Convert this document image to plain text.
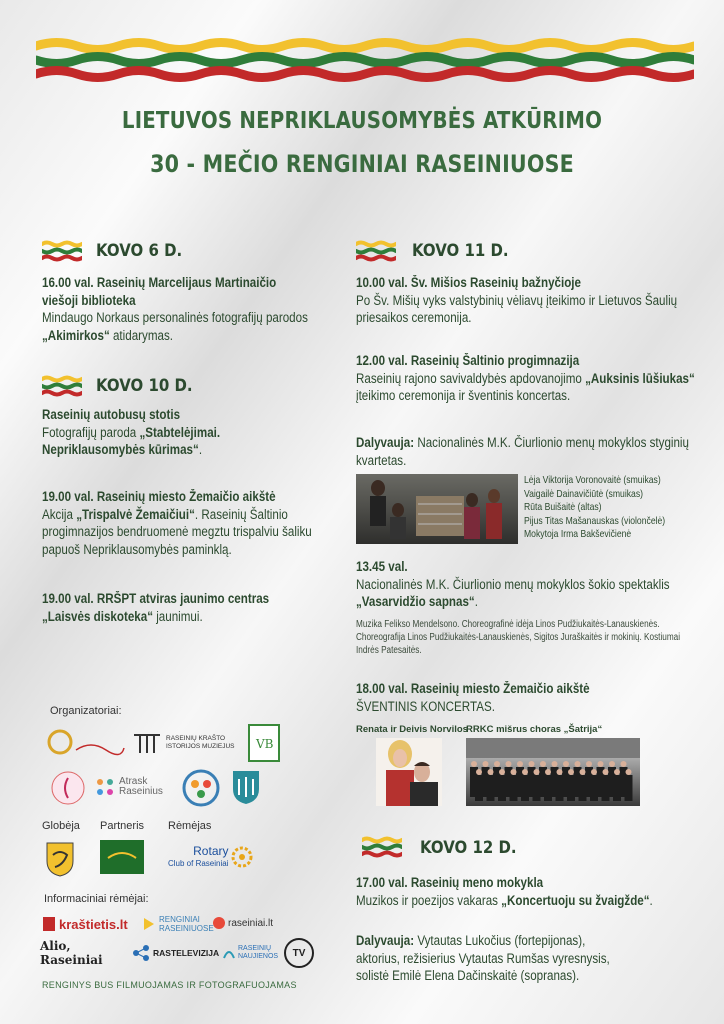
LIETUVOS NEPRIKLAUSOMYBĖS ATKŪRIMO
30 - MEČIO RENGINIAI RASEINIUOSE
KOVO 6 D.
16.00 val. Raseinių Marcelijaus Martinaičio
viešoji biblioteka
Mindaugo Norkaus personalinės fotografijų parodos
„Akimirkos“ atidarymas.
KOVO 10 D.
Raseinių autobusų stotis
Fotografijų paroda „Stabtelėjimai.
Nepriklausomybės kūrimas“.
19.00 val. Raseinių miesto Žemaičio aikštė
Akcija „Trispalvė Žemaičiui“. Raseinių Šaltinio
progimnazijos bendruomenė megztu trispalviu šaliku
papuoš Nepriklausomybės paminklą.
19.00 val. RRŠPT atviras jaunimo centras
„Laisvės diskoteka“ jaunimui.
Organizatoriai:
RASEINIŲ KRAŠTO ISTORIJOS MUZIEJUS	VB
Atrask
Raseinius
Globėja Partneris Rėmėjas
Rotary
Club of Raseiniai
Informaciniai rėmėjai:
kraštietis.lt	RENGINIAI
RASEINIUOSE raseiniai.lt
Alio, Raseiniai	RASTELEVIZIJA	RASEINIŲ
NAUJIENOS TV
RENGINYS BUS FILMUOJAMAS IR FOTOGRAFUOJAMAS
KOVO 11 D.
10.00 val. Šv. Mišios Raseinių bažnyčioje
Po Šv. Mišių vyks valstybinių vėliavų įteikimo ir Lietuvos Šaulių
priesaikos ceremonija.
12.00 val. Raseinių Šaltinio progimnazija
Raseinių rajono savivaldybės apdovanojimo „Auksinis lūšiukas“
įteikimo ceremonija ir šventinis koncertas.
Dalyvauja: Nacionalinės M.K. Čiurlionio menų mokyklos styginių
kvartetas.
Lėja Viktorija Voronovaitė (smuikas)
Vaigailė Dainavičiūtė (smuikas)
Rūta Buišaitė (altas)
Pijus Titas Mašanauskas (violončelė)
Mokytoja Irma Bakševičienė
13.45 val.
Nacionalinės M.K. Čiurlionio menų mokyklos šokio spektaklis
„Vasarvidžio sapnas“.
Muzika Felikso Mendelsono. Choreografinė idėja Linos Pudžiukaitės-Lanauskienės.
Choreografija Linos Pudžiukaitės-Lanauskienės, Sigitos Juraškaitės ir mokinių. Kostiumai
Indrės Patesaitės.
18.00 val. Raseinių miesto Žemaičio aikštė
ŠVENTINIS KONCERTAS.
Renata ir Deivis Norvilos
RRKC mišrus choras „Šatrija“
KOVO 12 D.
17.00 val. Raseinių meno mokykla
Muzikos ir poezijos vakaras „Koncertuoju su žvaigžde“.
Dalyvauja: Vytautas Lukočius (fortepijonas),
aktorius, režisierius Vytautas Rumšas vyresnysis,
solistė Emilė Elena Dačinskaitė (sopranas).
